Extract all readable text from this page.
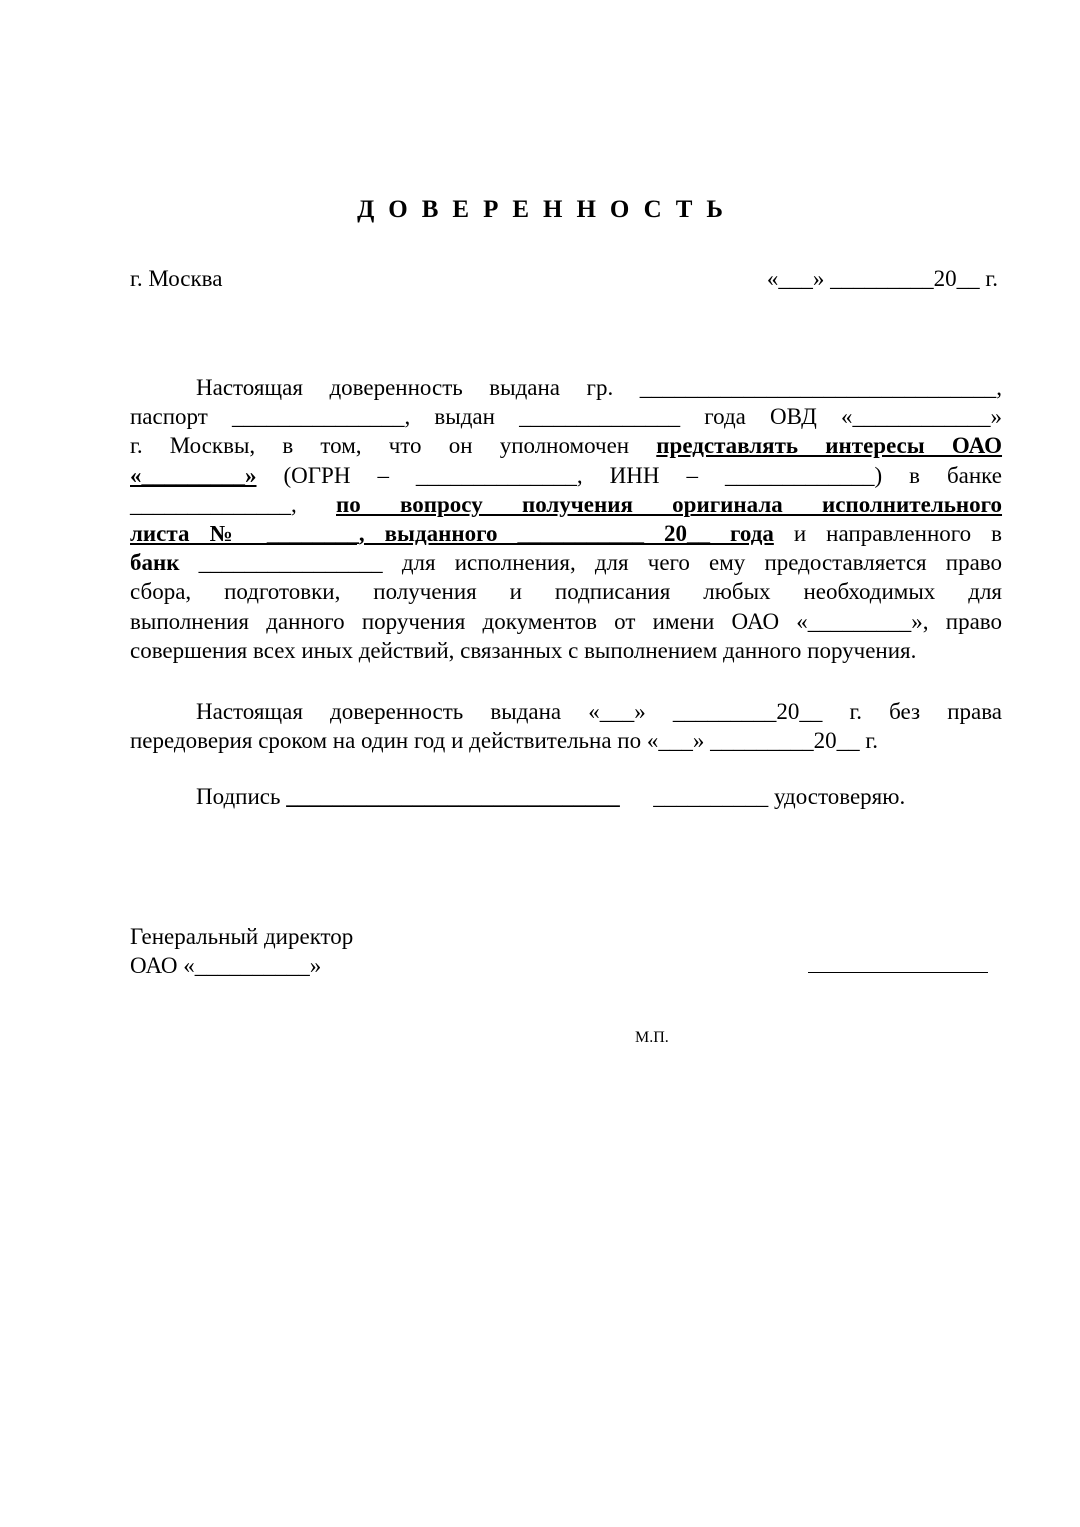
ДОВЕРЕННОСТЬ
г. Москва	«___» _________20__ г.
Настоящая доверенность выдана гр. _______________________________,
паспорт _______________, выдан ______________ года ОВД «____________»
г. Москвы, в том, что он уполномочен представлять интересы ОАО
«_________» (ОГРН – ______________, ИНН – _____________) в банке
______________, по вопросу получения оригинала исполнительного
листа № ________, выданного ___________ 20__ года и направленного в
банк ________________ для исполнения, для чего ему предоставляется право
сбора, подготовки, получения и подписания любых необходимых для
выполнения данного поручения документов от имени ОАО «_________», право
совершения всех иных действий, связанных с выполнением данного поручения.
Настоящая доверенность выдана «___» _________20__ г. без права
передоверия сроком на один год и действительна по «___» _________20__ г.
Подпись _____________________________ __________ удостоверяю.
Генеральный директор
ОАО «__________»
М.П.
